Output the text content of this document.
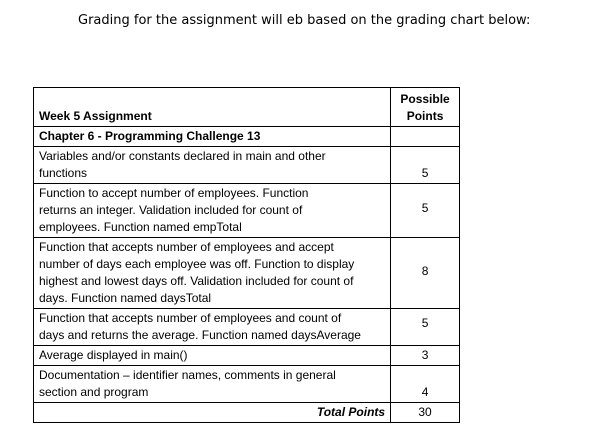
Grading for the assignment will eb based on the grading chart below:

Week 5 Assignment	Possible
Points
Chapter 6 - Programming Challenge 13	
Variables and/or constants declared in main and other
functions	5
Function to accept number of employees. Function
returns an integer. Validation included for count of
employees. Function named empTotal	5
Function that accepts number of employees and accept
number of days each employee was off. Function to display
highest and lowest days off. Validation included for count of
days. Function named daysTotal	8
Function that accepts number of employees and count of
days and returns the average. Function named daysAverage	5
Average displayed in main()	3
Documentation – identifier names, comments in general
section and program	4
Total Points	30
